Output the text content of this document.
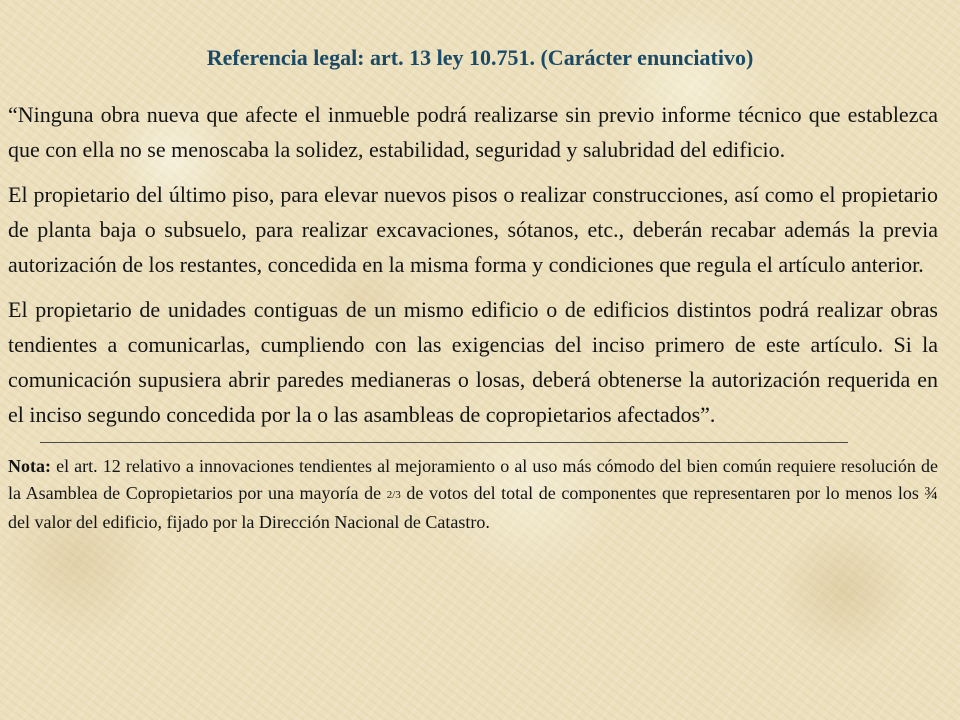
Referencia legal: art. 13 ley 10.751. (Carácter enunciativo)

“Ninguna obra nueva que afecte el inmueble podrá realizarse sin previo informe técnico que establezca que con ella no se menoscaba la solidez, estabilidad, seguridad y salubridad del edificio.

El propietario del último piso, para elevar nuevos pisos o realizar construcciones, así como el propietario de planta baja o subsuelo, para realizar excavaciones, sótanos, etc., deberán recabar además la previa autorización de los restantes, concedida en la misma forma y condiciones que regula el artículo anterior.

El propietario de unidades contiguas de un mismo edificio o de edificios distintos podrá realizar obras tendientes a comunicarlas, cumpliendo con las exigencias del inciso primero de este artículo. Si la comunicación supusiera abrir paredes medianeras o losas, deberá obtenerse la autorización requerida en el inciso segundo concedida por la o las asambleas de copropietarios afectados”.

Nota: el art. 12 relativo a innovaciones tendientes al mejoramiento o al uso más cómodo del bien común requiere resolución de la Asamblea de Copropietarios por una mayoría de 2/3 de votos del total de componentes que representaren por lo menos los ¾ del valor del edificio, fijado por la Dirección Nacional de Catastro.
